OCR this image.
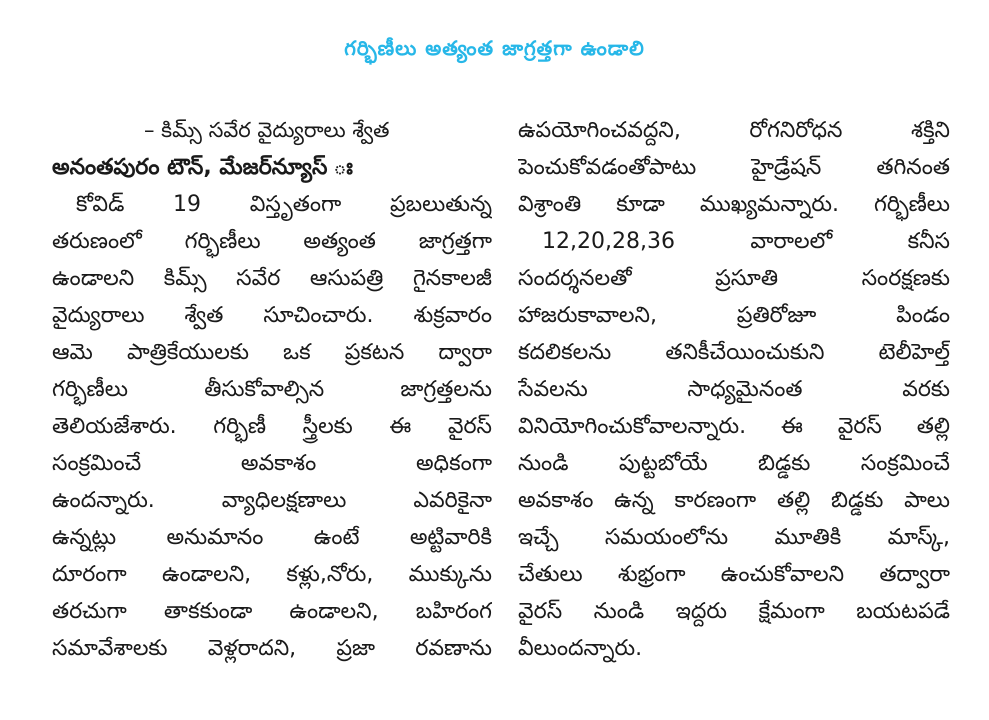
గర్భిణీలు అత్యంత జాగ్రత్తగా ఉండాలి
– కిమ్స్ సవేర వైద్యురాలు శ్వేత
అనంతపురం టౌన్, మేజర్‌న్యూస్ ః
కోవిడ్ 19 విస్తృతంగా ప్రబలుతున్న
తరుణంలో గర్భిణీలు అత్యంత జాగ్రత్తగా
ఉండాలని కిమ్స్ సవేర ఆసుపత్రి గైనకాలజీ
వైద్యురాలు శ్వేత సూచించారు. శుక్రవారం
ఆమె పాత్రికేయులకు ఒక ప్రకటన ద్వారా
గర్భిణీలు తీసుకోవాల్సిన జాగ్రత్తలను
తెలియజేశారు. గర్భిణీ స్త్రీలకు ఈ వైరస్
సంక్రమించే అవకాశం అధికంగా
ఉందన్నారు. వ్యాధిలక్షణాలు ఎవరికైనా
ఉన్నట్లు అనుమానం ఉంటే అట్టివారికి
దూరంగా ఉండాలని, కళ్లు,నోరు, ముక్కును
తరచుగా తాకకుండా ఉండాలని, బహిరంగ
సమావేశాలకు వెళ్లరాదని, ప్రజా రవణాను
ఉపయోగించవద్దని, రోగనిరోధన శక్తిని
పెంచుకోవడంతోపాటు హైడ్రేషన్ తగినంత
విశ్రాంతి కూడా ముఖ్యమన్నారు. గర్భిణీలు
12,20,28,36 వారాలలో కనీస
సందర్శనలతో ప్రసూతి సంరక్షణకు
హాజరుకావాలని, ప్రతిరోజూ పిండం
కదలికలను తనికీచేయించుకుని టెలీహెల్త్
సేవలను సాధ్యమైనంత వరకు
వినియోగించుకోవాలన్నారు. ఈ వైరస్ తల్లి
నుండి పుట్టబోయే బిడ్డకు సంక్రమించే
అవకాశం ఉన్న కారణంగా తల్లి బిడ్డకు పాలు
ఇచ్చే సమయంలోను మూతికి మాస్క్,
చేతులు శుభ్రంగా ఉంచుకోవాలని తద్వారా
వైరస్ నుండి ఇద్దరు క్షేమంగా బయటపడే
వీలుందన్నారు.
